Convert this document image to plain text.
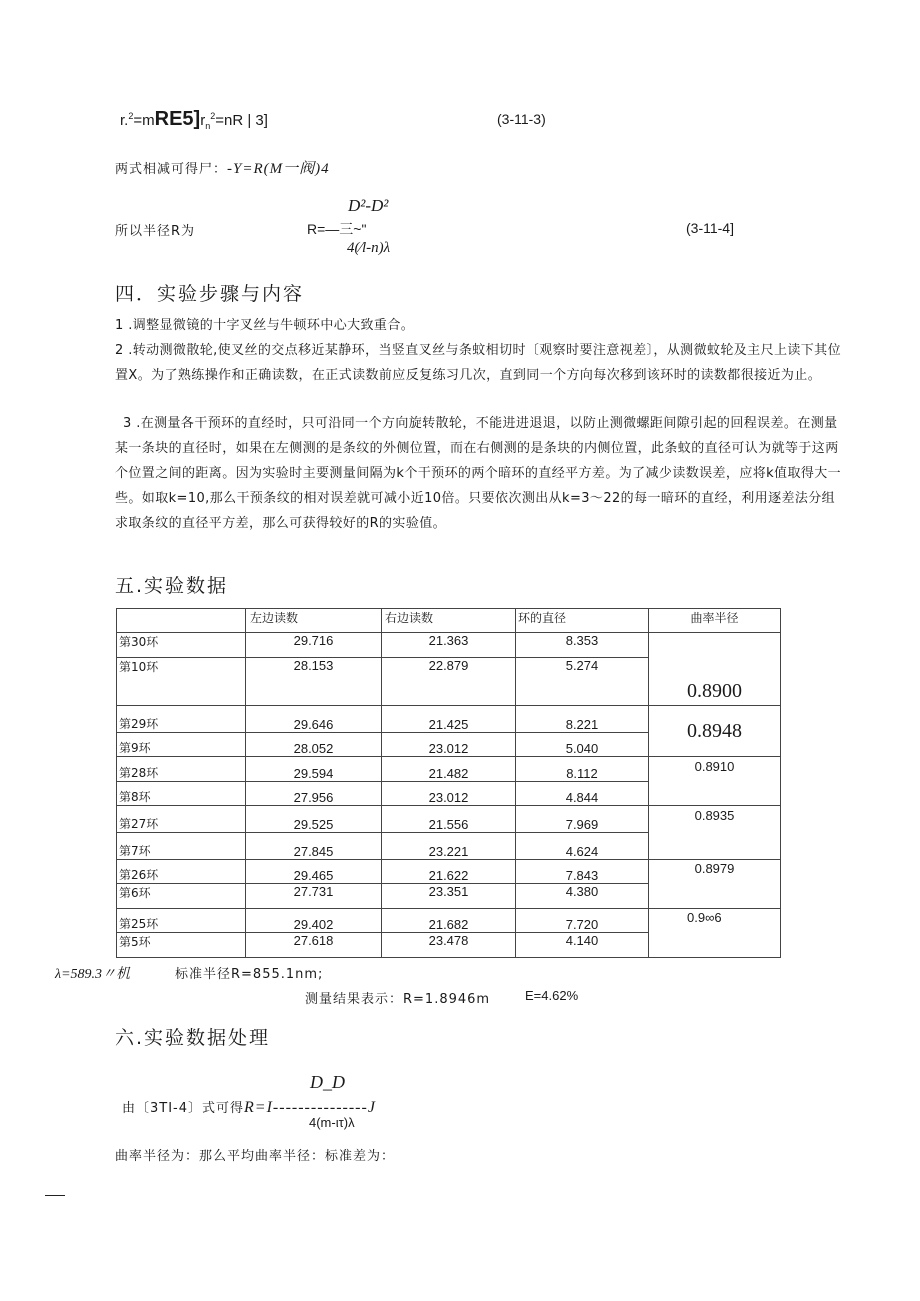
$r.^2=mRE5]r_n^2=nR$ | 3]	(3-11-3)
两式相减可得尸：-Y=R(M一阀)4
D²-D²
所以半径R为	R=—三~"
4(∕l-n)λ
(3-11-4]
四．实验步骤与内容
1 .调整显微镜的十字叉丝与牛顿环中心大致重合。
2 .转动测微散轮,使叉丝的交点移近某静环，当竖直叉丝与条蚊相切时〔观察时要注意视差〕，从测微蚊轮及主尺上读下其位置X。为了熟练操作和正确读数，在正式读数前应反复练习几次，直到同一个方向每次移到该环时的读数都很接近为止。
3 .在测量各干预环的直经时，只可沿同一个方向旋转散轮，不能进进退退，以防止测微螺距间隙引起的回程误差。在测量某一条块的直径时，如果在左侧测的是条纹的外侧位置，而在右侧测的是条块的内侧位置，此条蚊的直径可认为就等于这两个位置之间的距离。因为实验时主要测量间隔为k个干预环的两个暗环的直经平方差。为了减少读数误差，应将k值取得大一些。如取k=10,那么干预条纹的相对误差就可减小近10倍。只要依次测出从k=3〜22的每一暗环的直经，利用逐差法分组求取条纹的直径平方差，那么可获得较好的R的实验值。
五.实验数据
	左边读数	右边读数	环的直径	曲率半径
第30环	29.716	21.363	8.353	0.8900
第10环	28.153	22.879	5.274	
第29环	29.646	21.425	8.221	0.8948
第9环	28.052	23.012	5.040	
第28环	29.594	21.482	8.112	0.8910
第8环	27.956	23.012	4.844	
第27环	29.525	21.556	7.969	0.8935
第7环	27.845	23.221	4.624	
第26环	29.465	21.622	7.843	0.8979
第6环	27.731	23.351	4.380	
第25环	29.402	21.682	7.720	0.9∞6
第5环	27.618	23.478	4.140	
λ=589.3〃机	标准半径R=855.1nm;
测量结果表示：R=1.8946m	E=4.62%
六.实验数据处理
D_D
由〔3TI-4〕式可得R=I---------------J
4(m-ιτ)λ
曲率半径为：那么平均曲率半径：标准差为：
